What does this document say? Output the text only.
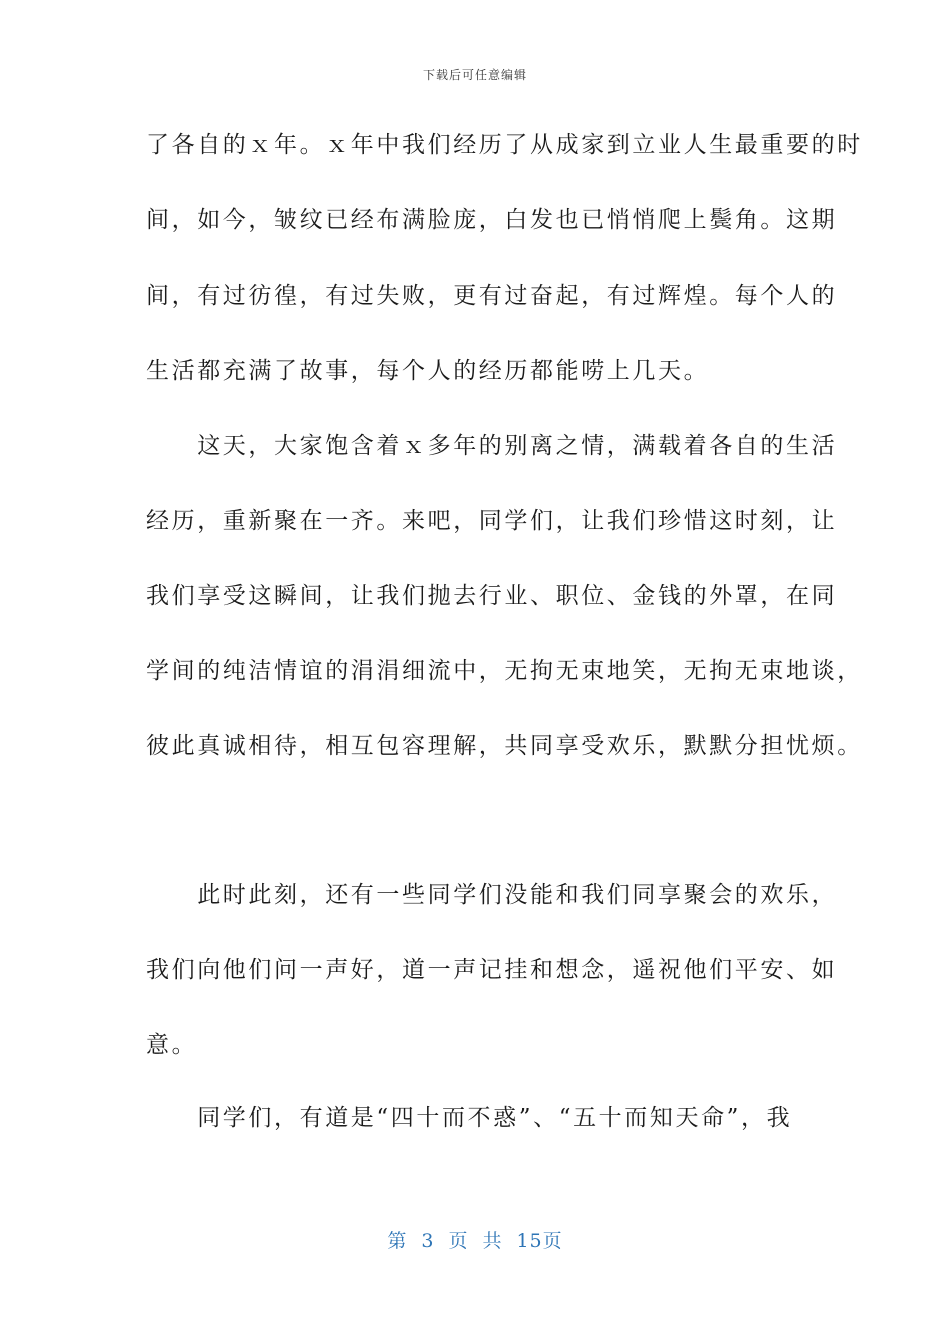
下载后可任意编辑
了各自的ｘ年。ｘ年中我们经历了从成家到立业人生最重要的时
间，如今，皱纹已经布满脸庞，白发也已悄悄爬上鬓角。这期
间，有过彷徨，有过失败，更有过奋起，有过辉煌。每个人的
生活都充满了故事，每个人的经历都能唠上几天。
　　这天，大家饱含着ｘ多年的别离之情，满载着各自的生活
经历，重新聚在一齐。来吧，同学们，让我们珍惜这时刻，让
我们享受这瞬间，让我们抛去行业、职位、金钱的外罩，在同
学间的纯洁情谊的涓涓细流中，无拘无束地笑，无拘无束地谈，
彼此真诚相待，相互包容理解，共同享受欢乐，默默分担忧烦。
　　此时此刻，还有一些同学们没能和我们同享聚会的欢乐，
我们向他们问一声好，道一声记挂和想念，遥祝他们平安、如
意。
　　同学们，有道是“四十而不惑”、“五十而知天命”，我
第 3 页 共 15页
